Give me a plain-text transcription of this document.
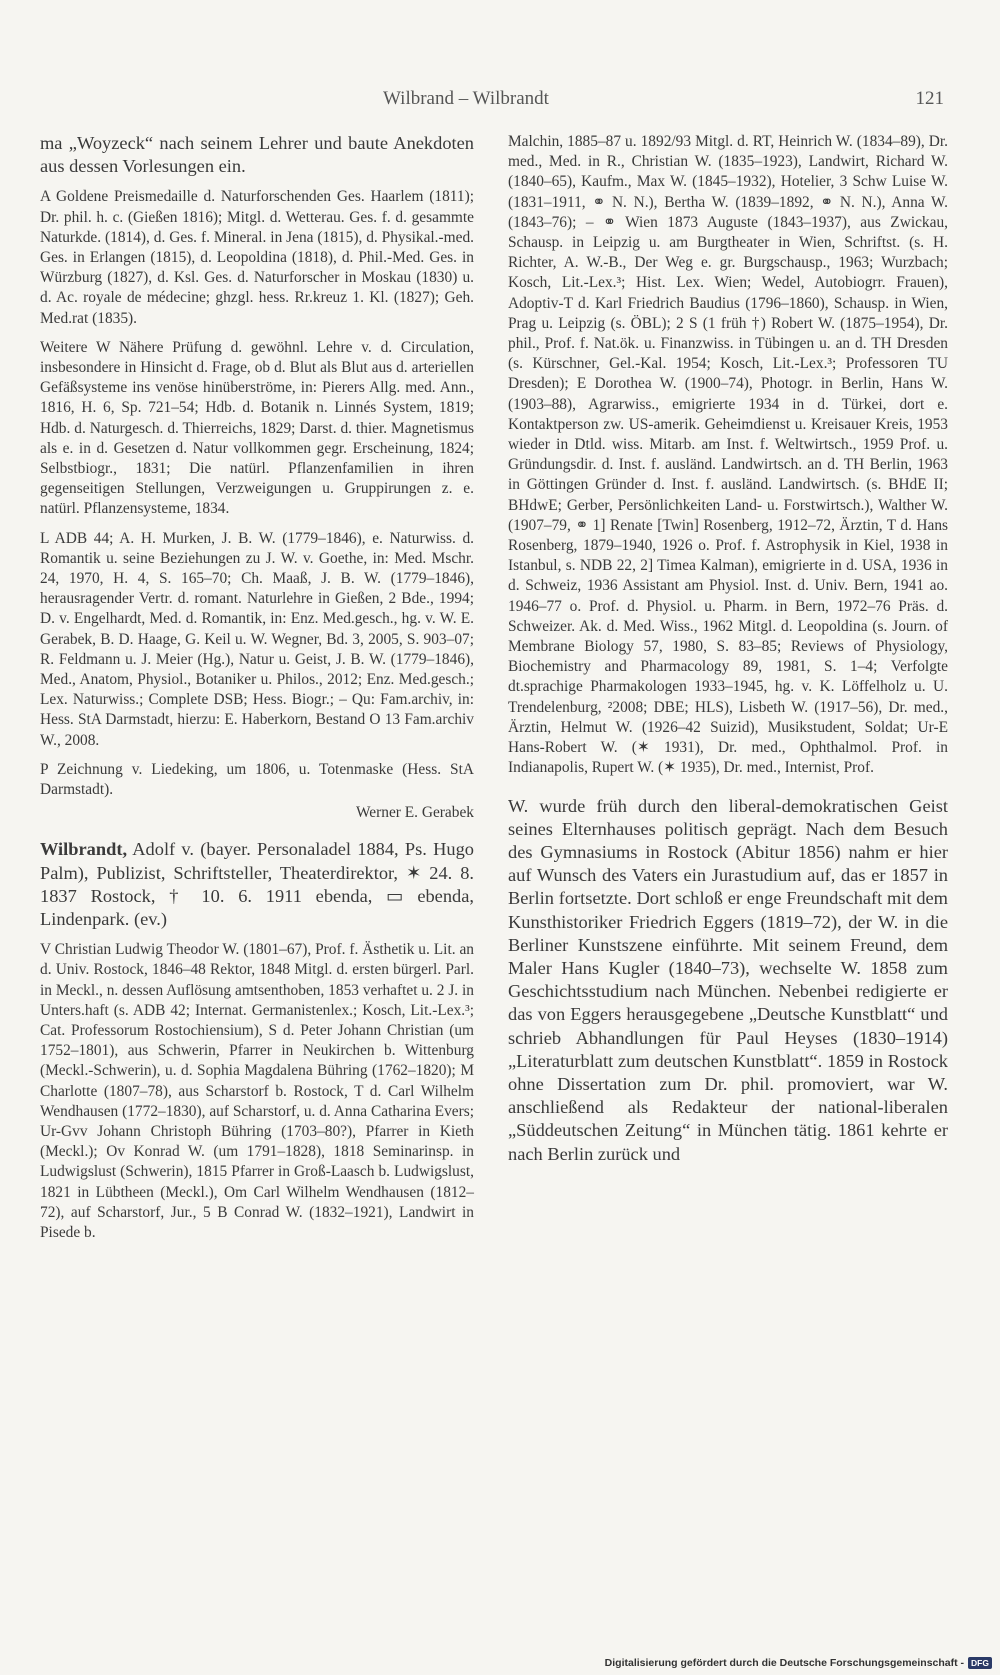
Wilbrand – Wilbrandt	121

ma „Woyzeck“ nach seinem Lehrer und baute Anekdoten aus dessen Vorlesungen ein.

A Goldene Preismedaille d. Naturforschenden Ges. Haarlem (1811); Dr. phil. h. c. (Gießen 1816); Mitgl. d. Wetterau. Ges. f. d. gesammte Naturkde. (1814), d. Ges. f. Mineral. in Jena (1815), d. Physikal.-med. Ges. in Erlangen (1815), d. Leopoldina (1818), d. Phil.-Med. Ges. in Würzburg (1827), d. Ksl. Ges. d. Naturforscher in Moskau (1830) u. d. Ac. royale de médecine; ghzgl. hess. Rr.kreuz 1. Kl. (1827); Geh. Med.rat (1835).

Weitere W Nähere Prüfung d. gewöhnl. Lehre v. d. Circulation, insbesondere in Hinsicht d. Frage, ob d. Blut als Blut aus d. arteriellen Gefäßsysteme ins venöse hinüberströme, in: Pierers Allg. med. Ann., 1816, H. 6, Sp. 721–54; Hdb. d. Botanik n. Linnés System, 1819; Hdb. d. Naturgesch. d. Thierreichs, 1829; Darst. d. thier. Magnetismus als e. in d. Gesetzen d. Natur vollkommen gegr. Erscheinung, 1824; Selbstbiogr., 1831; Die natürl. Pflanzenfamilien in ihren gegenseitigen Stellungen, Verzweigungen u. Gruppirungen z. e. natürl. Pflanzensysteme, 1834.

L ADB 44; A. H. Murken, J. B. W. (1779–1846), e. Naturwiss. d. Romantik u. seine Beziehungen zu J. W. v. Goethe, in: Med. Mschr. 24, 1970, H. 4, S. 165–70; Ch. Maaß, J. B. W. (1779–1846), herausragender Vertr. d. romant. Naturlehre in Gießen, 2 Bde., 1994; D. v. Engelhardt, Med. d. Romantik, in: Enz. Med.gesch., hg. v. W. E. Gerabek, B. D. Haage, G. Keil u. W. Wegner, Bd. 3, 2005, S. 903–07; R. Feldmann u. J. Meier (Hg.), Natur u. Geist, J. B. W. (1779–1846), Med., Anatom, Physiol., Botaniker u. Philos., 2012; Enz. Med.gesch.; Lex. Naturwiss.; Complete DSB; Hess. Biogr.; – Qu: Fam.archiv, in: Hess. StA Darmstadt, hierzu: E. Haberkorn, Bestand O 13 Fam.archiv W., 2008.

P Zeichnung v. Liedeking, um 1806, u. Totenmaske (Hess. StA Darmstadt).

Werner E. Gerabek

Wilbrandt, Adolf v. (bayer. Personaladel 1884, Ps. Hugo Palm), Publizist, Schriftsteller, Theaterdirektor, ✶ 24. 8. 1837 Rostock, † 10. 6. 1911 ebenda, ▭ ebenda, Lindenpark. (ev.)

V Christian Ludwig Theodor W. (1801–67), Prof. f. Ästhetik u. Lit. an d. Univ. Rostock, 1846–48 Rektor, 1848 Mitgl. d. ersten bürgerl. Parl. in Meckl., n. dessen Auflösung amtsenthoben, 1853 verhaftet u. 2 J. in Unters.haft (s. ADB 42; Internat. Germanistenlex.; Kosch, Lit.-Lex.³; Cat. Professorum Rostochiensium), S d. Peter Johann Christian (um 1752–1801), aus Schwerin, Pfarrer in Neukirchen b. Wittenburg (Meckl.-Schwerin), u. d. Sophia Magdalena Bühring (1762–1820); M Charlotte (1807–78), aus Scharstorf b. Rostock, T d. Carl Wilhelm Wendhausen (1772–1830), auf Scharstorf, u. d. Anna Catharina Evers; Ur-Gvv Johann Christoph Bühring (1703–80?), Pfarrer in Kieth (Meckl.); Ov Konrad W. (um 1791–1828), 1818 Seminarinsp. in Ludwigslust (Schwerin), 1815 Pfarrer in Groß-Laasch b. Ludwigslust, 1821 in Lübtheen (Meckl.), Om Carl Wilhelm Wendhausen (1812–72), auf Scharstorf, Jur., 5 B Conrad W. (1832–1921), Landwirt in Pisede b.

Malchin, 1885–87 u. 1892/93 Mitgl. d. RT, Heinrich W. (1834–89), Dr. med., Med. in R., Christian W. (1835–1923), Landwirt, Richard W. (1840–65), Kaufm., Max W. (1845–1932), Hotelier, 3 Schw Luise W. (1831–1911, ⚭ N. N.), Bertha W. (1839–1892, ⚭ N. N.), Anna W. (1843–76); – ⚭ Wien 1873 Auguste (1843–1937), aus Zwickau, Schausp. in Leipzig u. am Burgtheater in Wien, Schriftst. (s. H. Richter, A. W.-B., Der Weg e. gr. Burgschausp., 1963; Wurzbach; Kosch, Lit.-Lex.³; Hist. Lex. Wien; Wedel, Autobiogrr. Frauen), Adoptiv-T d. Karl Friedrich Baudius (1796–1860), Schausp. in Wien, Prag u. Leipzig (s. ÖBL); 2 S (1 früh †) Robert W. (1875–1954), Dr. phil., Prof. f. Nat.ök. u. Finanzwiss. in Tübingen u. an d. TH Dresden (s. Kürschner, Gel.-Kal. 1954; Kosch, Lit.-Lex.³; Professoren TU Dresden); E Dorothea W. (1900–74), Photogr. in Berlin, Hans W. (1903–88), Agrarwiss., emigrierte 1934 in d. Türkei, dort e. Kontaktperson zw. US-amerik. Geheimdienst u. Kreisauer Kreis, 1953 wieder in Dtld. wiss. Mitarb. am Inst. f. Weltwirtsch., 1959 Prof. u. Gründungsdir. d. Inst. f. ausländ. Landwirtsch. an d. TH Berlin, 1963 in Göttingen Gründer d. Inst. f. ausländ. Landwirtsch. (s. BHdE II; BHdwE; Gerber, Persönlichkeiten Land- u. Forstwirtsch.), Walther W. (1907–79, ⚭ 1] Renate [Twin] Rosenberg, 1912–72, Ärztin, T d. Hans Rosenberg, 1879–1940, 1926 o. Prof. f. Astrophysik in Kiel, 1938 in Istanbul, s. NDB 22, 2] Timea Kalman), emigrierte in d. USA, 1936 in d. Schweiz, 1936 Assistant am Physiol. Inst. d. Univ. Bern, 1941 ao. 1946–77 o. Prof. d. Physiol. u. Pharm. in Bern, 1972–76 Präs. d. Schweizer. Ak. d. Med. Wiss., 1962 Mitgl. d. Leopoldina (s. Journ. of Membrane Biology 57, 1980, S. 83–85; Reviews of Physiology, Biochemistry and Pharmacology 89, 1981, S. 1–4; Verfolgte dt.sprachige Pharmakologen 1933–1945, hg. v. K. Löffelholz u. U. Trendelenburg, ²2008; DBE; HLS), Lisbeth W. (1917–56), Dr. med., Ärztin, Helmut W. (1926–42 Suizid), Musikstudent, Soldat; Ur-E Hans-Robert W. (✶ 1931), Dr. med., Ophthalmol. Prof. in Indianapolis, Rupert W. (✶ 1935), Dr. med., Internist, Prof.

W. wurde früh durch den liberal-demokratischen Geist seines Elternhauses politisch geprägt. Nach dem Besuch des Gymnasiums in Rostock (Abitur 1856) nahm er hier auf Wunsch des Vaters ein Jurastudium auf, das er 1857 in Berlin fortsetzte. Dort schloß er enge Freundschaft mit dem Kunsthistoriker Friedrich Eggers (1819–72), der W. in die Berliner Kunstszene einführte. Mit seinem Freund, dem Maler Hans Kugler (1840–73), wechselte W. 1858 zum Geschichtsstudium nach München. Nebenbei redigierte er das von Eggers herausgegebene „Deutsche Kunstblatt“ und schrieb Abhandlungen für Paul Heyses (1830–1914) „Literaturblatt zum deutschen Kunstblatt“. 1859 in Rostock ohne Dissertation zum Dr. phil. promoviert, war W. anschließend als Redakteur der national-liberalen „Süddeutschen Zeitung“ in München tätig. 1861 kehrte er nach Berlin zurück und

Digitalisierung gefördert durch die Deutsche Forschungsgemeinschaft - DFG
